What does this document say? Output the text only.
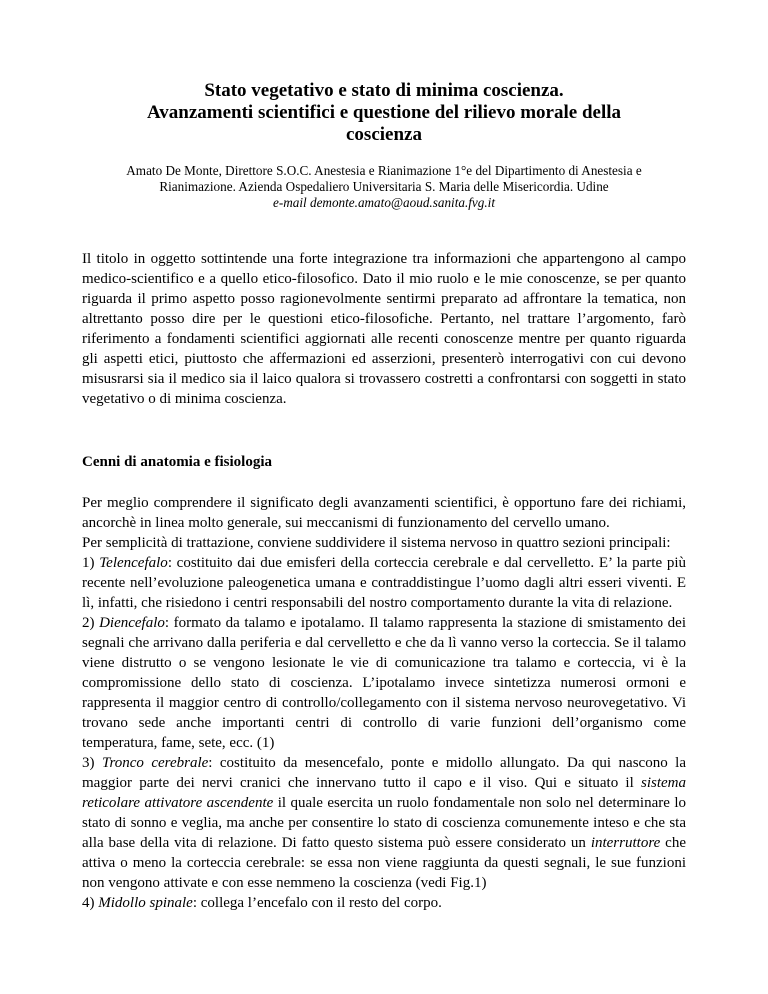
Stato vegetativo e stato di minima coscienza.
Avanzamenti scientifici e questione del rilievo morale della
coscienza
Amato De Monte, Direttore S.O.C. Anestesia e Rianimazione 1°e del Dipartimento di Anestesia e
Rianimazione. Azienda Ospedaliero Universitaria S. Maria delle Misericordia. Udine
e-mail demonte.amato@aoud.sanita.fvg.it

Il titolo in oggetto sottintende una forte integrazione tra informazioni che appartengono al campo medico-scientifico e a quello etico-filosofico. Dato il mio ruolo e le mie conoscenze, se per quanto riguarda il primo aspetto posso ragionevolmente sentirmi preparato ad affrontare la tematica, non altrettanto posso dire per le questioni etico-filosofiche. Pertanto, nel trattare l’argomento, farò riferimento a fondamenti scientifici aggiornati alle recenti conoscenze mentre per quanto riguarda gli aspetti etici, piuttosto che affermazioni ed asserzioni, presenterò interrogativi con cui devono misusrarsi sia il medico sia il laico qualora si trovassero costretti a confrontarsi con soggetti in stato vegetativo o di minima coscienza.

Cenni di anatomia e fisiologia
Per meglio comprendere il significato degli avanzamenti scientifici, è opportuno fare dei richiami, ancorchè in linea molto generale, sui meccanismi di funzionamento del cervello umano.
Per semplicità di trattazione, conviene suddividere il sistema nervoso in quattro sezioni principali:
1) Telencefalo: costituito dai due emisferi della corteccia cerebrale e dal cervelletto. E’ la parte più recente nell’evoluzione paleogenetica umana e contraddistingue l’uomo dagli altri esseri viventi. E lì, infatti, che risiedono i centri responsabili del nostro comportamento durante la vita di relazione.
2) Diencefalo: formato da talamo e ipotalamo. Il talamo rappresenta la stazione di smistamento dei segnali che arrivano dalla periferia e dal cervelletto e che da lì vanno verso la corteccia. Se il talamo viene distrutto o se vengono lesionate le vie di comunicazione tra talamo e corteccia, vi è la compromissione dello stato di coscienza. L’ipotalamo invece sintetizza numerosi ormoni e rappresenta il maggior centro di controllo/collegamento con il sistema nervoso neurovegetativo. Vi trovano sede anche importanti centri di controllo di varie funzioni dell’organismo come temperatura, fame, sete, ecc. (1)
3) Tronco cerebrale: costituito da mesencefalo, ponte e midollo allungato. Da qui nascono la maggior parte dei nervi cranici che innervano tutto il capo e il viso. Qui e situato il sistema reticolare attivatore ascendente il quale esercita un ruolo fondamentale non solo nel determinare lo stato di sonno e veglia, ma anche per consentire lo stato di coscienza comunemente inteso e che sta alla base della vita di relazione. Di fatto questo sistema può essere considerato un interruttore che attiva o meno la corteccia cerebrale: se essa non viene raggiunta da questi segnali, le sue funzioni non vengono attivate e con esse nemmeno la coscienza (vedi Fig.1)
4) Midollo spinale: collega l’encefalo con il resto del corpo.
